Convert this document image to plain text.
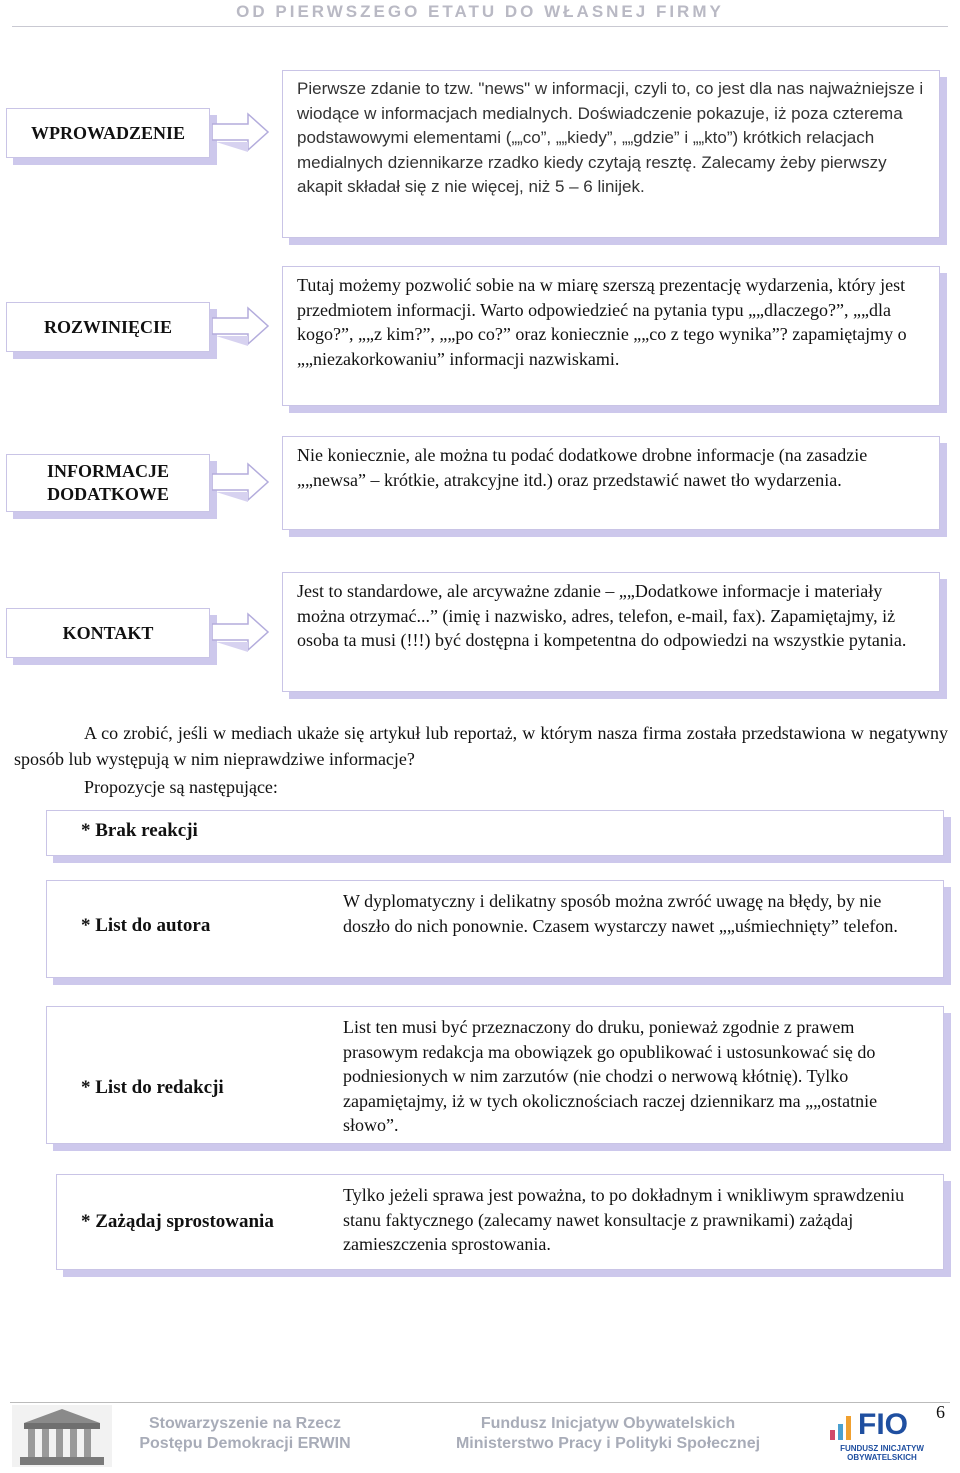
OD PIERWSZEGO ETATU DO WŁASNEJ FIRMY
WPROWADZENIE
Pierwsze zdanie to tzw. "news" w informacji, czyli to, co jest dla nas najważniejsze i wiodące w informacjach medialnych. Doświadczenie pokazuje, iż poza czterema podstawowymi elementami („„co”, „„kiedy”, „„gdzie” i „„kto”) krótkich relacjach medialnych dziennikarze rzadko kiedy czytają resztę. Zalecamy żeby pierwszy akapit składał się z nie więcej, niż 5 – 6 linijek.
ROZWINIĘCIE
Tutaj możemy pozwolić sobie na w miarę szerszą prezentację wydarzenia, który jest przedmiotem informacji. Warto odpowiedzieć na pytania typu „„dlaczego?”, „„dla kogo?”, „„z kim?”, „„po co?” oraz koniecznie „„co z tego wynika”? zapamiętajmy o „„niezakorkowaniu” informacji nazwiskami.
INFORMACJE DODATKOWE
Nie koniecznie, ale można tu podać dodatkowe drobne informacje (na zasadzie „„newsa” – krótkie, atrakcyjne itd.) oraz przedstawić nawet tło wydarzenia.
KONTAKT
Jest to standardowe, ale arcyważne zdanie – „„Dodatkowe informacje i materiały można otrzymać...” (imię i nazwisko, adres, telefon, e-mail, fax). Zapamiętajmy, iż osoba ta musi (!!!) być dostępna i kompetentna do odpowiedzi na wszystkie pytania.
A co zrobić, jeśli w mediach ukaże się artykuł lub reportaż, w którym nasza firma została przedstawiona w negatywny sposób lub występują w nim nieprawdziwe informacje?
Propozycje są następujące:
* Brak reakcji
* List do autora
W dyplomatyczny i delikatny sposób można zwróć uwagę na błędy, by nie doszło do nich ponownie. Czasem wystarczy nawet „„uśmiechnięty” telefon.
* List do redakcji
List ten musi być przeznaczony do druku, ponieważ zgodnie z prawem prasowym redakcja ma obowiązek go opublikować i ustosunkować się do podniesionych w nim zarzutów (nie chodzi o nerwową kłótnię). Tylko zapamiętajmy, iż w tych okolicznościach raczej dziennikarz ma „„ostatnie słowo”.
* Zażądaj sprostowania
Tylko jeżeli sprawa jest poważna, to po dokładnym i wnikliwym sprawdzeniu stanu faktycznego (zalecamy nawet konsultacje z prawnikami) zażądaj zamieszczenia sprostowania.
Stowarzyszenie na Rzecz
Postępu Demokracji ERWIN
Fundusz Inicjatyw Obywatelskich
Ministerstwo Pracy i Polityki Społecznej
FIO
FUNDUSZ INICJATYW OBYWATELSKICH
6
